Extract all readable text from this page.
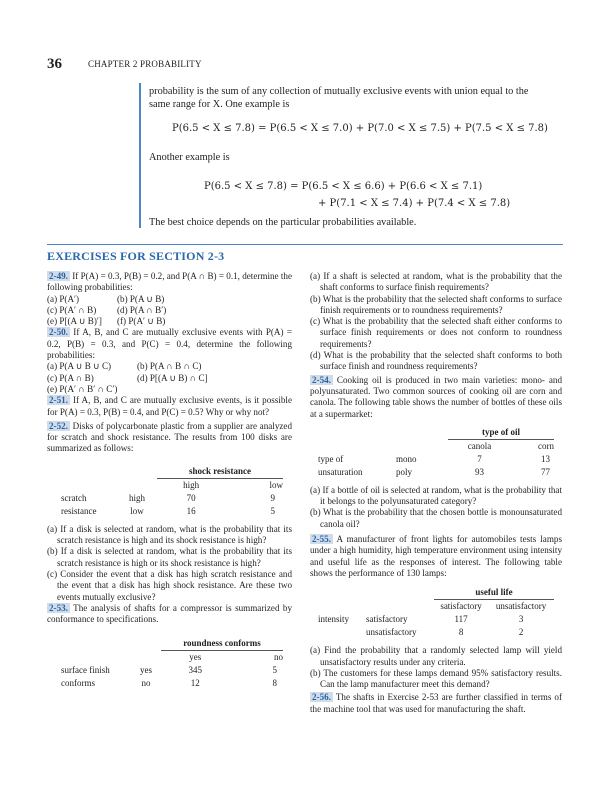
36	CHAPTER 2 PROBABILITY
probability is the sum of any collection of mutually exclusive events with union equal to the same range for X. One example is
P(6.5 < X ≤ 7.8) = P(6.5 < X ≤ 7.0) + P(7.0 < X ≤ 7.5) + P(7.5 < X ≤ 7.8)
Another example is
P(6.5 < X ≤ 7.8) = P(6.5 < X ≤ 6.6) + P(6.6 < X ≤ 7.1)
+ P(7.1 < X ≤ 7.4) + P(7.4 < X ≤ 7.8)
The best choice depends on the particular probabilities available.
EXERCISES FOR SECTION 2-3

2-49. If P(A) = 0.3, P(B) = 0.2, and P(A ∩ B) = 0.1, determine the following probabilities:

(a) P(A′)	(b) P(A ∪ B)
(c) P(A′ ∩ B)	(d) P(A ∩ B′)
(e) P[(A ∪ B)′]	(f) P(A′ ∪ B)

2-50. If A, B, and C are mutually exclusive events with P(A) = 0.2, P(B) = 0.3, and P(C) = 0.4, determine the following probabilities:

(a) P(A ∪ B ∪ C)	(b) P(A ∩ B ∩ C)
(c) P(A ∩ B)	(d) P[(A ∪ B) ∩ C]
(e) P(A′ ∩ B′ ∩ C′)

2-51. If A, B, and C are mutually exclusive events, is it possible for P(A) = 0.3, P(B) = 0.4, and P(C) = 0.5? Why or why not?

2-52. Disks of polycarbonate plastic from a supplier are analyzed for scratch and shock resistance. The results from 100 disks are summarized as follows:

		shock resistance	
		high	low
scratch	high	70	9
resistance	low	16	5

(a) If a disk is selected at random, what is the probability that its scratch resistance is high and its shock resistance is high?

(b) If a disk is selected at random, what is the probability that its scratch resistance is high or its shock resistance is high?

(c) Consider the event that a disk has high scratch resistance and the event that a disk has high shock resistance. Are these two events mutually exclusive?

2-53. The analysis of shafts for a compressor is summarized by conformance to specifications.

		roundness conforms	
		yes	no
surface finish	yes	345	5
conforms	no	12	8

(a) If a shaft is selected at random, what is the probability that the shaft conforms to surface finish requirements?

(b) What is the probability that the selected shaft conforms to surface finish requirements or to roundness requirements?

(c) What is the probability that the selected shaft either conforms to surface finish requirements or does not conform to roundness requirements?

(d) What is the probability that the selected shaft conforms to both surface finish and roundness requirements?

2-54. Cooking oil is produced in two main varieties: mono- and polyunsaturated. Two common sources of cooking oil are corn and canola. The following table shows the number of bottles of these oils at a supermarket:

		type of oil	
		canola	corn
type of	mono	7	13
unsaturation	poly	93	77

(a) If a bottle of oil is selected at random, what is the probability that it belongs to the polyunsaturated category?

(b) What is the probability that the chosen bottle is monounsaturated canola oil?

2-55. A manufacturer of front lights for automobiles tests lamps under a high humidity, high temperature environment using intensity and useful life as the responses of interest. The following table shows the performance of 130 lamps:

		useful life	
		satisfactory	unsatisfactory
intensity	satisfactory	117	3
	unsatisfactory	8	2

(a) Find the probability that a randomly selected lamp will yield unsatisfactory results under any criteria.

(b) The customers for these lamps demand 95% satisfactory results. Can the lamp manufacturer meet this demand?

2-56. The shafts in Exercise 2-53 are further classified in terms of the machine tool that was used for manufacturing the shaft.
